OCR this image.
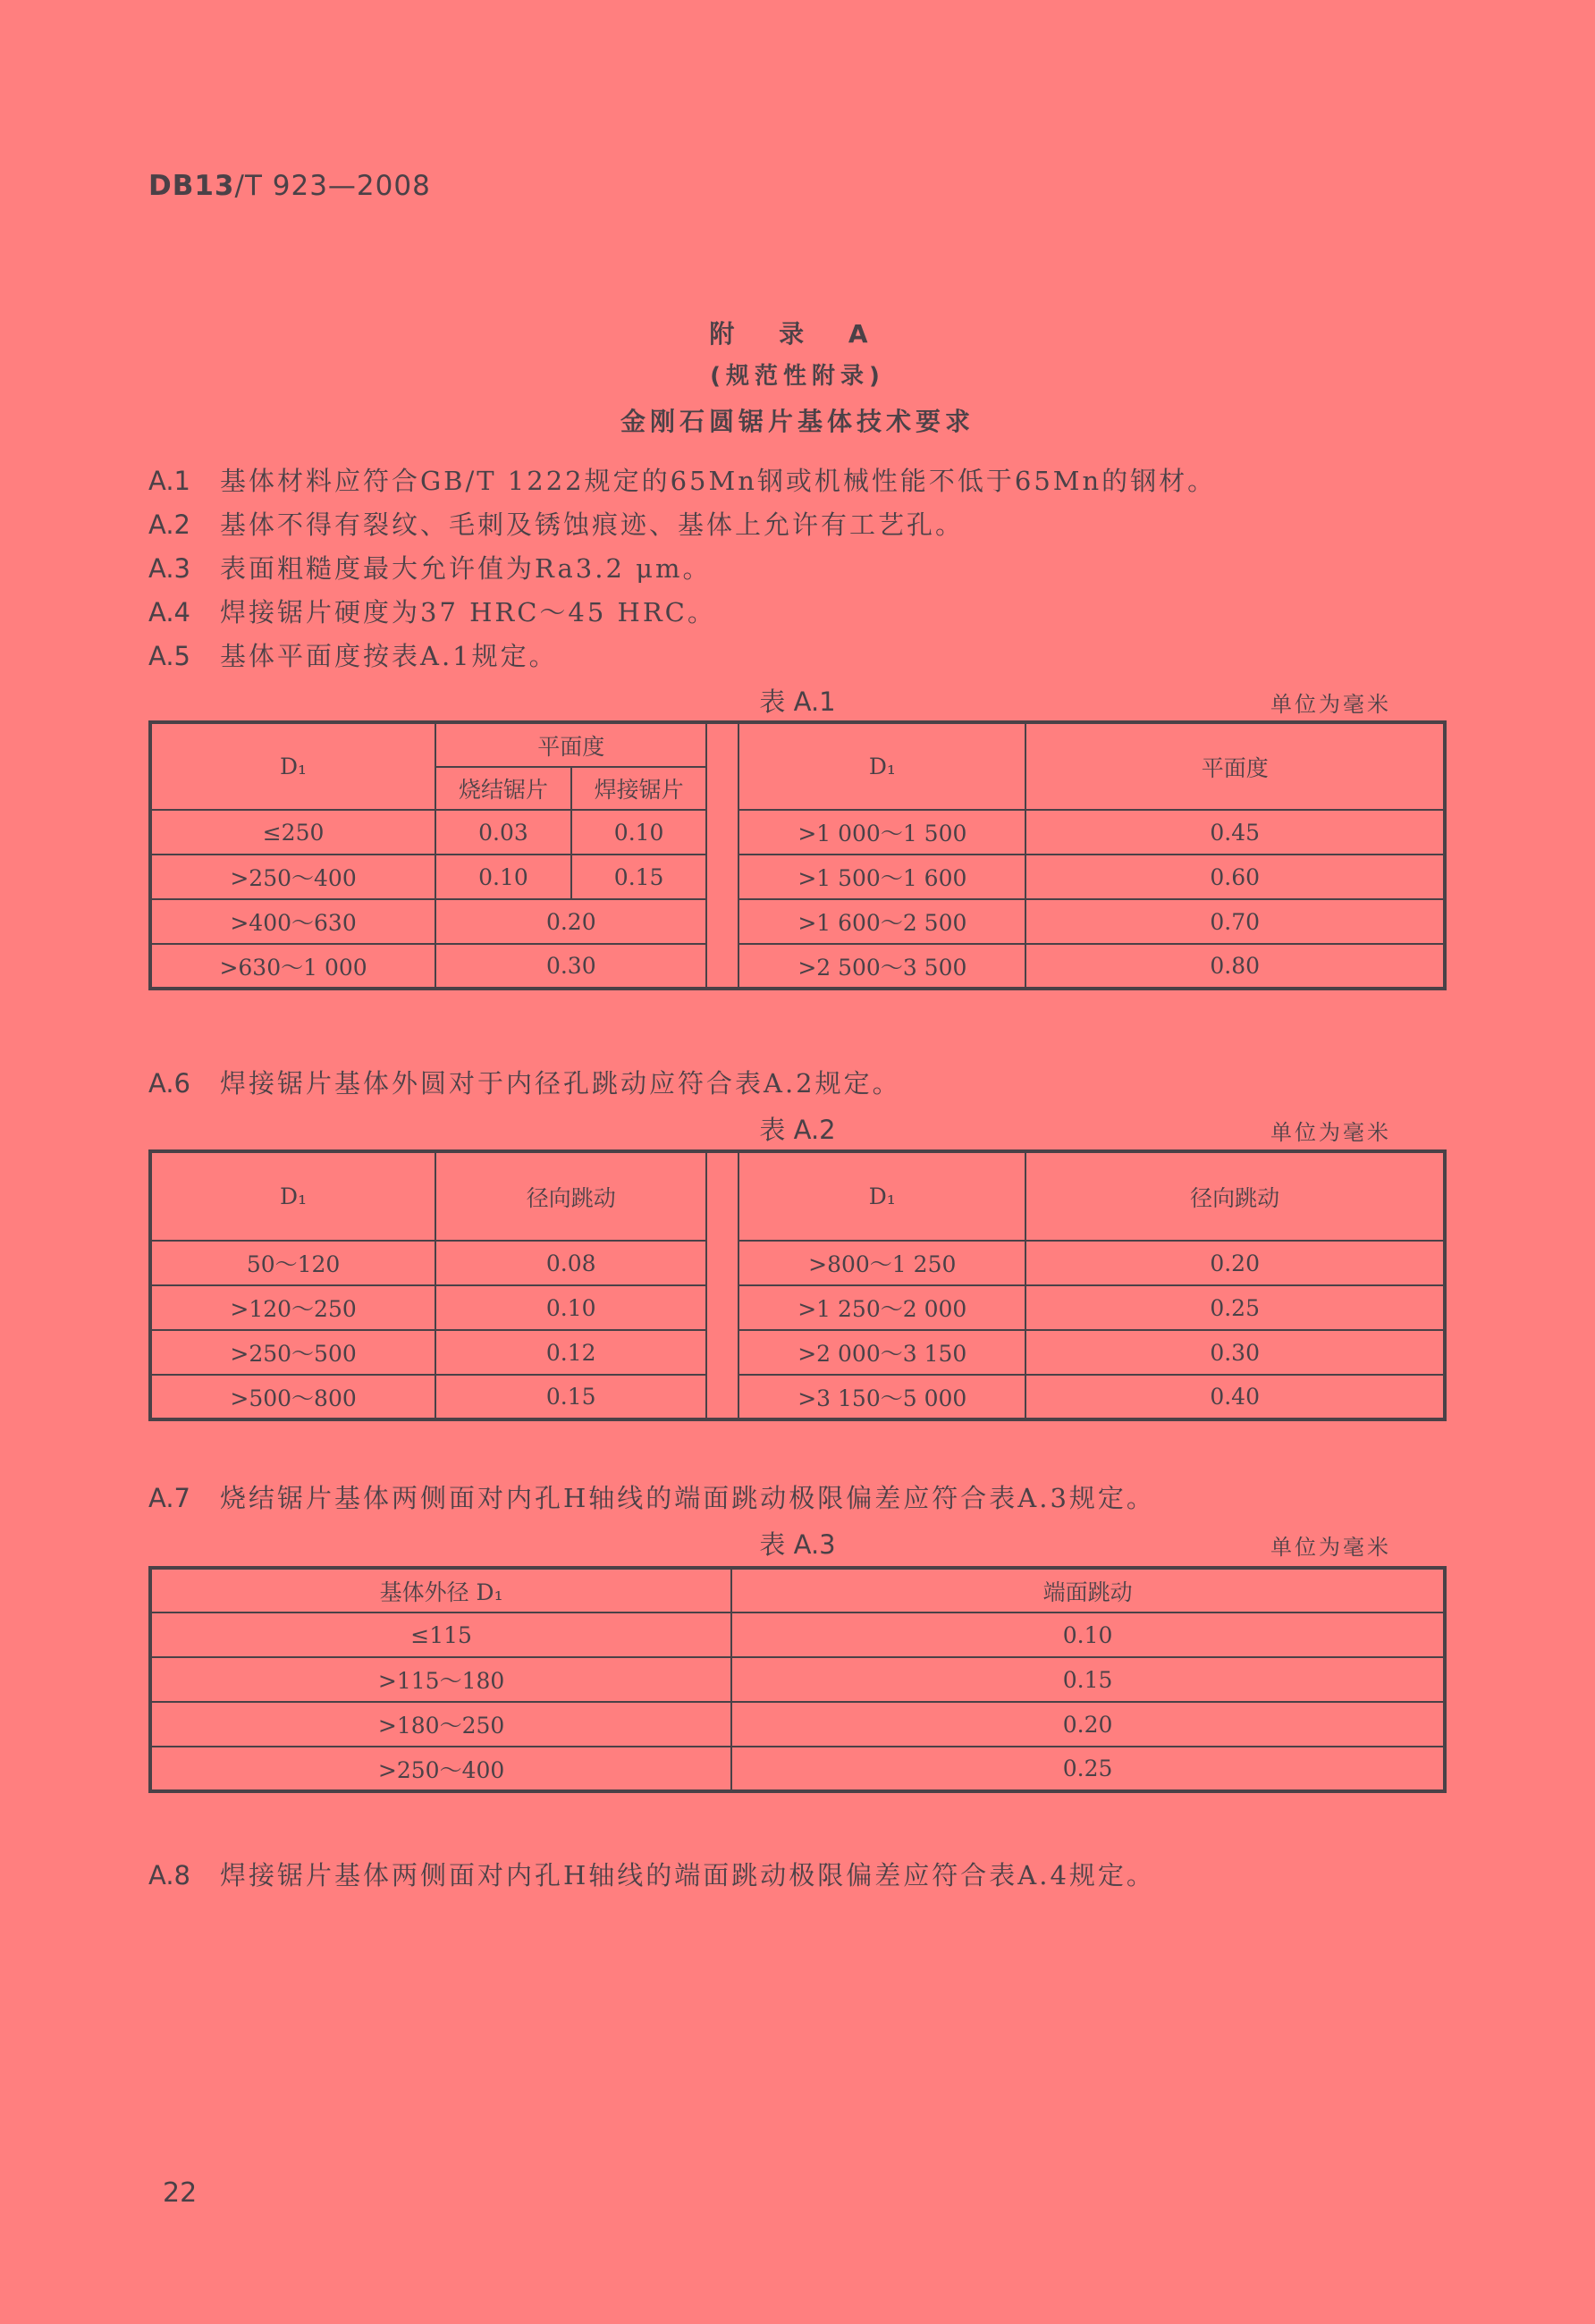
DB13/T 923—2008
附 录 A
(规范性附录)
金刚石圆锯片基体技术要求
A.1 基体材料应符合GB/T 1222规定的65Mn钢或机械性能不低于65Mn的钢材。
A.2 基体不得有裂纹、毛刺及锈蚀痕迹、基体上允许有工艺孔。
A.3 表面粗糙度最大允许值为Ra3.2 μm。
A.4 焊接锯片硬度为37 HRC～45 HRC。
A.5 基体平面度按表A.1规定。
表 A.1	单位为毫米
D₁	平面度			D₁	平面度
	烧结锯片	焊接锯片			
≤250	0.03	0.10		>1 000～1 500	0.45
>250～400	0.10	0.15		>1 500～1 600	0.60
>400～630	0.20			>1 600～2 500	0.70
>630～1 000	0.30			>2 500～3 500	0.80
A.6 焊接锯片基体外圆对于内径孔跳动应符合表A.2规定。
表 A.2	单位为毫米
D₁	径向跳动		D₁	径向跳动
50～120	0.08		>800～1 250	0.20
>120～250	0.10		>1 250～2 000	0.25
>250～500	0.12		>2 000～3 150	0.30
>500～800	0.15		>3 150～5 000	0.40
A.7 烧结锯片基体两侧面对内孔H轴线的端面跳动极限偏差应符合表A.3规定。
表 A.3	单位为毫米
基体外径 D₁	端面跳动
≤115	0.10
>115～180	0.15
>180～250	0.20
>250～400	0.25
A.8 焊接锯片基体两侧面对内孔H轴线的端面跳动极限偏差应符合表A.4规定。
22
